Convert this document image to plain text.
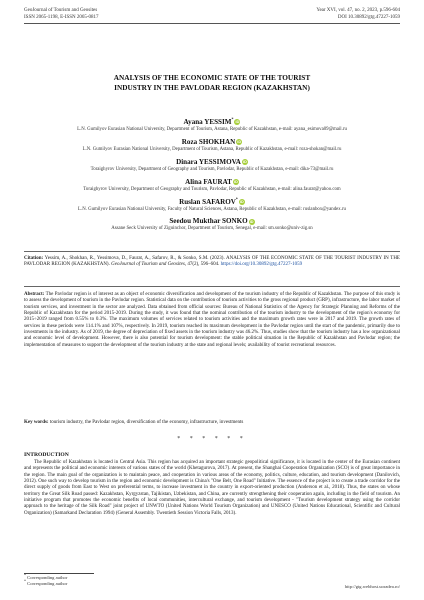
GeoJournal of Tourism and Geosites
ISSN 2065-1198, E-ISSN 2065-0817
Year XVI, vol. 47, no. 2, 2023, p.596-604
DOI 10.30892/gtg.47227-1059
ANALYSIS OF THE ECONOMIC STATE OF THE TOURIST
INDUSTRY IN THE PAVLODAR REGION (KAZAKHSTAN)
Ayana YESSIM*iD
L.N. Gumilyov Eurasian National University, Department of Tourism, Astana, Republic of Kazakhstan, e-mail: ayana_esimova09@mail.ru
Roza SHOKHAN iD
L.N. Gumilyov Eurasian National University, Department of Tourism, Astana, Republic of Kazakhstan, e-mail: roza-shokan@mail.ru
Dinara YESSIMOVA iD
Toraighyrov University, Department of Geography and Tourism, Pavlodar, Republic of Kazakhstan, e-mail: dika-73@mail.ru
Alina FAURAT iD
Toraighyrov University, Department of Geography and Tourism, Pavlodar, Republic of Kazakhstan, e-mail: alina.faurat@yahoo.com
Ruslan SAFAROV*iD
L.N. Gumilyov Eurasian National University, Faculty of Natural Sciences, Astana, Republic of Kazakhstan, e-mail: ruslanbox@yandex.ru
Seedou Mukthar SONKO iD
Assane Seck University of Ziguinchor, Department of Tourism, Senegal, e-mail: sm.sonko@univ-zig.sn
Citation: Yessim, A., Shokhan, R., Yessimova, D., Faurat, A., Safarov, R., & Sonko, S.M. (2023). ANALYSIS OF THE ECONOMIC STATE OF THE TOURIST INDUSTRY IN THE PAVLODAR REGION (KAZAKHSTAN). GeoJournal of Tourism and Geosites, 47(2), 596–604. https://doi.org/10.30892/gtg.47227-1059
Abstract: The Pavlodar region is of interest as an object of economic diversification and development of the tourism industry of the Republic of Kazakhstan. The purpose of this study is to assess the development of tourism in the Pavlodar region. Statistical data on the contribution of tourism activities to the gross regional product (GRP), infrastructure, the labor market of tourism services, and investment in the sector are analyzed. Data obtained from official sources: Bureau of National Statistics of the Agency for Strategic Planning and Reforms of the Republic of Kazakhstan for the period 2015-2019. During the study, it was found that the nominal contribution of the tourism industry to the development of the region's economy for 2015÷2019 ranged from 0.55% to 0.3%. The maximum volumes of services related to tourism activities and the maximum growth rates were in 2017 and 2019. The growth rates of services in these periods were 114.1% and 107%, respectively. In 2019, tourism reached its maximum development in the Pavlodar region until the start of the pandemic, primarily due to investments in the industry. As of 2019, the degree of depreciation of fixed assets in the tourism industry was 46.2%. Thus, studies show that the tourism industry has a low organizational and economic level of development. However, there is also potential for tourism development: the stable political situation in the Republic of Kazakhstan and Pavlodar region; the implementation of measures to support the development of the tourism industry at the state and regional levels; availability of tourist recreational resources.
Key words: tourism industry, the Pavlodar region, diversification of the economy, infrastructure, investments
* * * * * *
INTRODUCTION
The Republic of Kazakhstan is located in Central Asia. This region has acquired an important strategic geopolitical significance, it is located in the center of the Eurasian continent and represents the political and economic interests of various states of the world (Khetagurova, 2017). At present, the Shanghai Cooperation Organization (SCO) is of great importance in the region. The main goal of the organization is to maintain peace, and cooperation in various areas of the economy, politics, culture, education, and tourism development (Danilovich, 2012). One such way to develop tourism in the region and economic development is China's "One Belt, One Road" Initiative. The essence of the project is to create a trade corridor for the direct supply of goods from East to West on preferential terms, to increase investment in the country in export-oriented production (Anderson et al., 2018). Thus, the states on whose territory the Great Silk Road passed: Kazakhstan, Kyrgyzstan, Tajikistan, Uzbekistan, and China, are currently strengthening their cooperation again, including in the field of tourism. An initiative program that promotes the economic benefits of local communities, intercultural exchange, and tourism development - "Tourism development strategy using the corridor approach to the heritage of the Silk Road" joint project of UNWTO (United Nations World Tourism Organization) and UNESCO (United Nations Educational, Scientific and Cultural Organization) (Samarkand Declaration 1994) (General Assembly. Twentieth Session Victoria Falls, 2013).
* Corresponding author
* Corresponding author
http://gtg.webhost.uoradea.ro/
